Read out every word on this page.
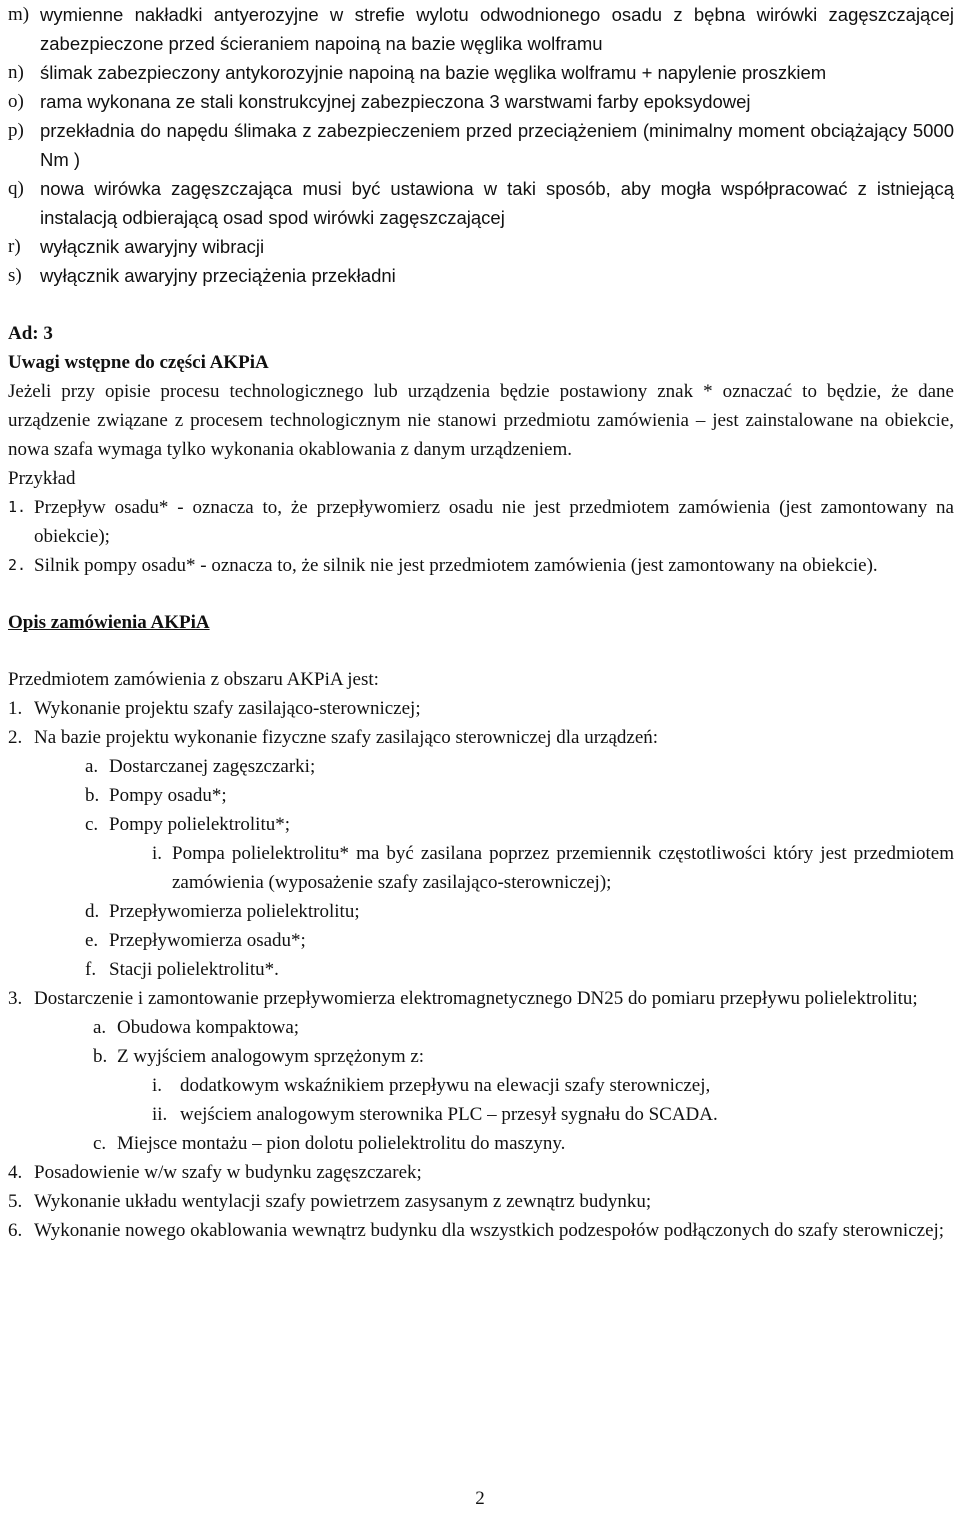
m) wymienne nakładki antyerozyjne w strefie wylotu odwodnionego osadu z bębna wirówki zagęszczającej zabezpieczone przed ścieraniem napoiną na bazie węglika wolframu
n) ślimak zabezpieczony antykorozyjnie napoiną na bazie węglika wolframu + napylenie proszkiem
o) rama wykonana ze stali konstrukcyjnej zabezpieczona 3 warstwami farby epoksydowej
p) przekładnia do napędu ślimaka z zabezpieczeniem przed przeciążeniem (minimalny moment obciążający 5000 Nm )
q) nowa wirówka zagęszczająca musi być ustawiona w taki sposób, aby mogła współpracować z istniejącą instalacją odbierającą osad spod wirówki zagęszczającej
r)	wyłącznik awaryjny wibracji
s) wyłącznik awaryjny przeciążenia przekładni
Ad: 3
Uwagi wstępne do części AKPiA
Jeżeli przy opisie procesu technologicznego lub urządzenia będzie postawiony znak * oznaczać to będzie, że dane urządzenie związane z procesem technologicznym nie stanowi przedmiotu zamówienia – jest zainstalowane na obiekcie, nowa szafa wymaga tylko wykonania okablowania z danym urządzeniem.
Przykład
1. Przepływ osadu* - oznacza to, że przepływomierz osadu nie jest przedmiotem zamówienia (jest zamontowany na obiekcie);
2. Silnik pompy osadu* - oznacza to, że silnik nie jest przedmiotem zamówienia (jest zamontowany na obiekcie).
Opis zamówienia AKPiA
Przedmiotem zamówienia z obszaru AKPiA jest:
1. Wykonanie projektu szafy zasilająco-sterowniczej;
2. Na bazie projektu wykonanie fizyczne szafy zasilająco sterowniczej dla urządzeń:
a. Dostarczanej zagęszczarki;
b. Pompy osadu*;
c. Pompy polielektrolitu*;
i. Pompa polielektrolitu* ma być zasilana poprzez przemiennik częstotliwości który jest przedmiotem zamówienia (wyposażenie szafy zasilająco-sterowniczej);
d. Przepływomierza polielektrolitu;
e. Przepływomierza osadu*;
f. Stacji polielektrolitu*.
3. Dostarczenie i zamontowanie przepływomierza elektromagnetycznego DN25 do pomiaru przepływu polielektrolitu;
a. Obudowa kompaktowa;
b. Z wyjściem analogowym sprzężonym z:
i. dodatkowym wskaźnikiem przepływu na elewacji szafy sterowniczej,
ii. wejściem analogowym sterownika PLC – przesył sygnału do SCADA.
c. Miejsce montażu – pion dolotu polielektrolitu do maszyny.
4. Posadowienie w/w szafy w budynku zagęszczarek;
5. Wykonanie układu wentylacji szafy powietrzem zasysanym z zewnątrz budynku;
6. Wykonanie nowego okablowania wewnątrz budynku dla wszystkich podzespołów podłączonych do szafy sterowniczej;
2
